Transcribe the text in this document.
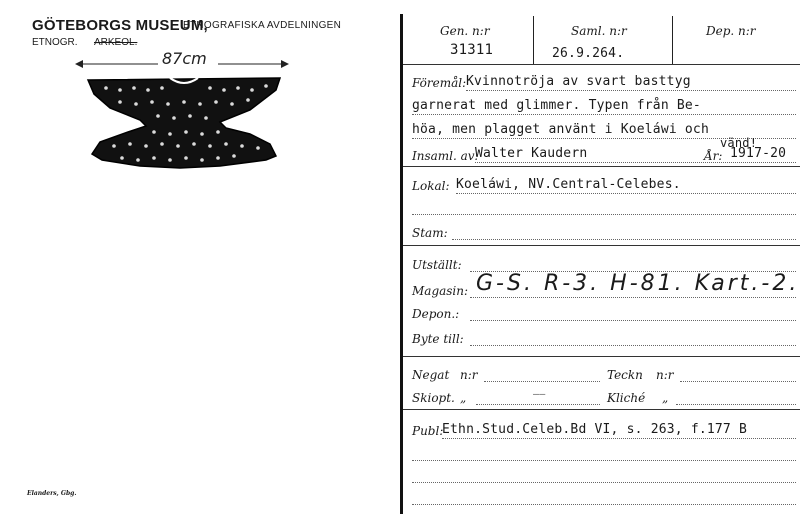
GÖTEBORGS MUSEUM,
ETNOGRAFISKA AVDELNINGEN
ETNOGR. ARKEOL.
87cm
Elanders, Gbg.
Gen. n:r
31311
Saml. n:r
26.9.264.
Dep. n:r
Föremål: Kvinnotröja av svart basttyg
garnerat med glimmer. Typen från Be-
höa, men plagget använt i Koeláwi och
Insaml. av:
Walter Kaudern
vänd!
År: 1917-20
Lokal: Koeláwi, NV.Central-Celebes.
Stam:
Utställt:
Magasin: G-S. R-3. H-81. Kart.-2.
Depon.:
Byte till:
Negat n:r	Teckn n:r
Skiopt. „	——	Kliché „
Publ:
Ethn.Stud.Celeb.Bd VI, s. 263, f.177 B
